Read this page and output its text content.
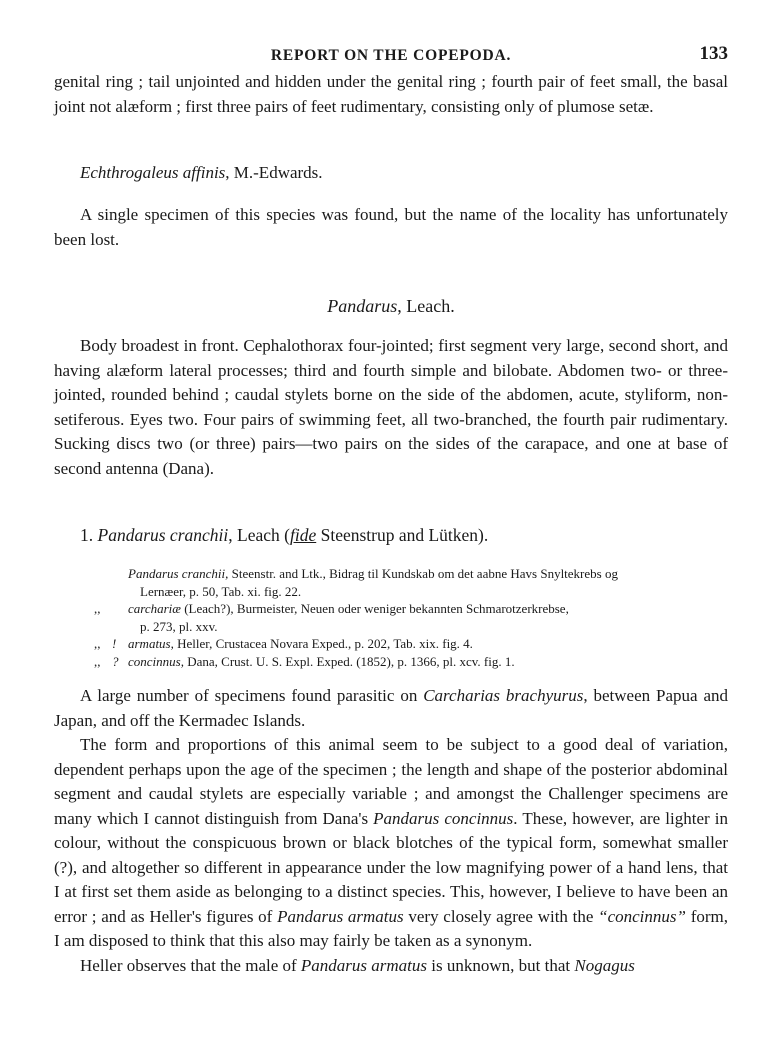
REPORT ON THE COPEPODA.	133

genital ring ; tail unjointed and hidden under the genital ring ; fourth pair of feet small, the basal joint not alæform ; first three pairs of feet rudimentary, consisting only of plumose setæ.

Echthrogaleus affinis, M.-Edwards.

A single specimen of this species was found, but the name of the locality has unfortunately been lost.

Pandarus, Leach.

Body broadest in front. Cephalothorax four-jointed; first segment very large, second short, and having alæform lateral processes; third and fourth simple and bilobate. Abdomen two- or three-jointed, rounded behind ; caudal stylets borne on the side of the abdomen, acute, styliform, non-setiferous. Eyes two. Four pairs of swimming feet, all two-branched, the fourth pair rudimentary. Sucking discs two (or three) pairs—two pairs on the sides of the carapace, and one at base of second antenna (Dana).

1. Pandarus cranchii, Leach (fide Steenstrup and Lütken).
Pandarus cranchii, Steenstr. and Ltk., Bidrag til Kundskab om det aabne Havs Snyltekrebs og
Lernæer, p. 50, Tab. xi. fig. 22.
,, carchariæ (Leach?), Burmeister, Neuen oder weniger bekannten Schmarotzerkrebse,
p. 273, pl. xxv.
!
,, armatus, Heller, Crustacea Novara Exped., p. 202, Tab. xix. fig. 4.
?
,, concinnus, Dana, Crust. U. S. Expl. Exped. (1852), p. 1366, pl. xcv. fig. 1.

A large number of specimens found parasitic on Carcharias brachyurus, between Papua and Japan, and off the Kermadec Islands.

The form and proportions of this animal seem to be subject to a good deal of variation, dependent perhaps upon the age of the specimen ; the length and shape of the posterior abdominal segment and caudal stylets are especially variable ; and amongst the Challenger specimens are many which I cannot distinguish from Dana's Pandarus concinnus. These, however, are lighter in colour, without the conspicuous brown or black blotches of the typical form, somewhat smaller (?), and altogether so different in appearance under the low magnifying power of a hand lens, that I at first set them aside as belonging to a distinct species. This, however, I believe to have been an error ; and as Heller's figures of Pandarus armatus very closely agree with the “concinnus” form, I am disposed to think that this also may fairly be taken as a synonym.

Heller observes that the male of Pandarus armatus is unknown, but that Nogagus
